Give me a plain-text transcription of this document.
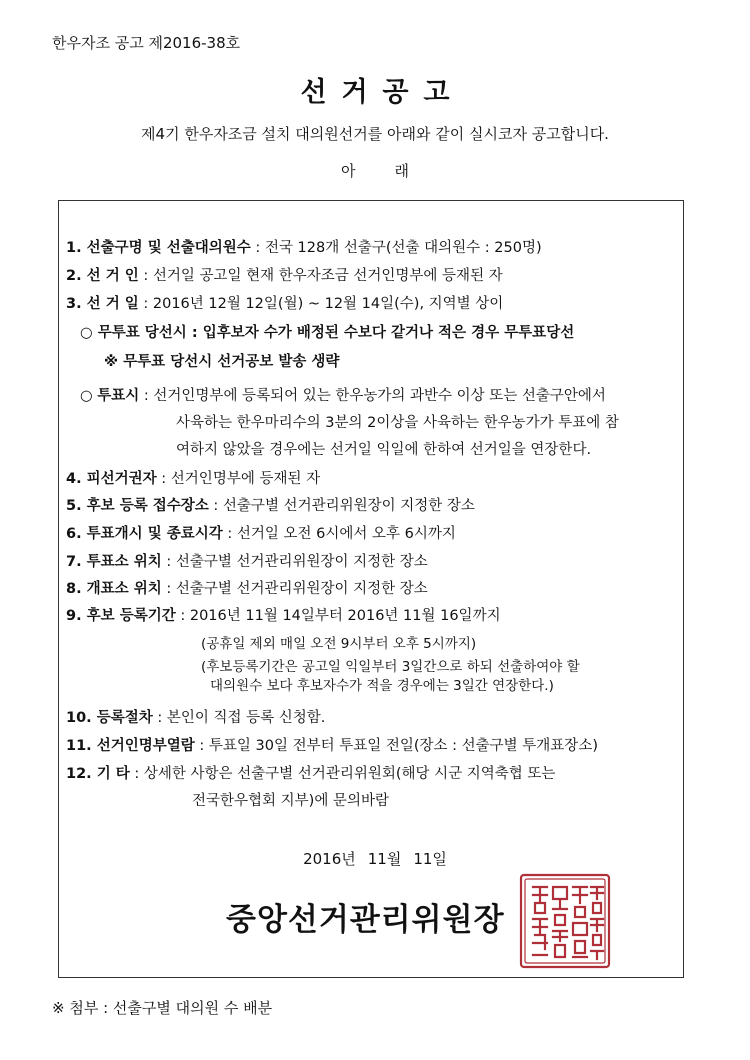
한우자조 공고 제2016-38호
선거공고
제4기 한우자조금 설치 대의원선거를 아래와 같이 실시코자 공고합니다.
아래
1. 선출구명 및 선출대의원수 : 전국 128개 선출구(선출 대의원수 : 250명)
2. 선 거 인 : 선거일 공고일 현재 한우자조금 선거인명부에 등재된 자
3. 선 거 일 : 2016년 12월 12일(월) ~ 12월 14일(수), 지역별 상이
○ 무투표 당선시 : 입후보자 수가 배정된 수보다 같거나 적은 경우 무투표당선
※ 무투표 당선시 선거공보 발송 생략
○ 투표시 : 선거인명부에 등록되어 있는 한우농가의 과반수 이상 또는 선출구안에서
사육하는 한우마리수의 3분의 2이상을 사육하는 한우농가가 투표에 참
여하지 않았을 경우에는 선거일 익일에 한하여 선거일을 연장한다.
4. 피선거권자 : 선거인명부에 등재된 자
5. 후보 등록 접수장소 : 선출구별 선거관리위원장이 지정한 장소
6. 투표개시 및 종료시각 : 선거일 오전 6시에서 오후 6시까지
7. 투표소 위치 : 선출구별 선거관리위원장이 지정한 장소
8. 개표소 위치 : 선출구별 선거관리위원장이 지정한 장소
9. 후보 등록기간 : 2016년 11월 14일부터 2016년 11월 16일까지
(공휴일 제외 매일 오전 9시부터 오후 5시까지)
(후보등록기간은 공고일 익일부터 3일간으로 하되 선출하여야 할
대의원수 보다 후보자수가 적을 경우에는 3일간 연장한다.)
10. 등록절차 : 본인이 직접 등록 신청함.
11. 선거인명부열람 : 투표일 30일 전부터 투표일 전일(장소 : 선출구별 투개표장소)
12. 기 타 : 상세한 사항은 선출구별 선거관리위원회(해당 시군 지역축협 또는
전국한우협회 지부)에 문의바람
2016년 11월 11일
중앙선거관리위원장
※ 첨부 : 선출구별 대의원 수 배분
